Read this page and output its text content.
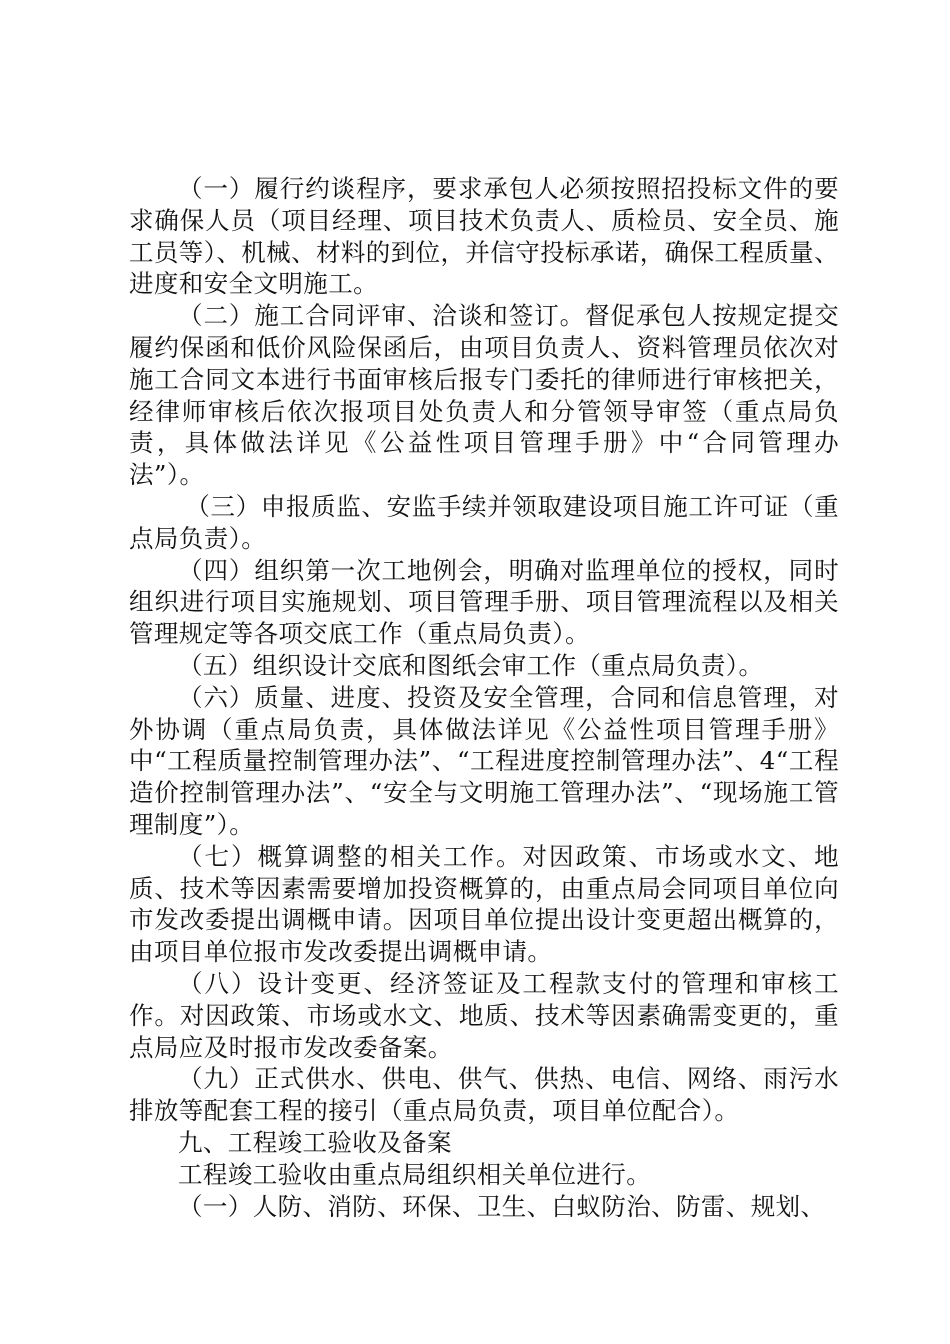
（一）履行约谈程序，要求承包人必须按照招投标文件的要求确保人员（项目经理、项目技术负责人、质检员、安全员、施工员等）、机械、材料的到位，并信守投标承诺，确保工程质量、进度和安全文明施工。

（二）施工合同评审、洽谈和签订。督促承包人按规定提交履约保函和低价风险保函后，由项目负责人、资料管理员依次对施工合同文本进行书面审核后报专门委托的律师进行审核把关，经律师审核后依次报项目处负责人和分管领导审签（重点局负责，具体做法详见《公益性项目管理手册》中“合同管理办法”）。

（三）申报质监、安监手续并领取建设项目施工许可证（重点局负责）。

（四）组织第一次工地例会，明确对监理单位的授权，同时组织进行项目实施规划、项目管理手册、项目管理流程以及相关管理规定等各项交底工作（重点局负责）。

（五）组织设计交底和图纸会审工作（重点局负责）。

（六）质量、进度、投资及安全管理，合同和信息管理，对外协调（重点局负责，具体做法详见《公益性项目管理手册》中“工程质量控制管理办法”、“工程进度控制管理办法”、4“工程造价控制管理办法”、“安全与文明施工管理办法”、“现场施工管理制度”）。

（七）概算调整的相关工作。对因政策、市场或水文、地质、技术等因素需要增加投资概算的，由重点局会同项目单位向市发改委提出调概申请。因项目单位提出设计变更超出概算的，由项目单位报市发改委提出调概申请。

（八）设计变更、经济签证及工程款支付的管理和审核工作。对因政策、市场或水文、地质、技术等因素确需变更的，重点局应及时报市发改委备案。

（九）正式供水、供电、供气、供热、电信、网络、雨污水排放等配套工程的接引（重点局负责，项目单位配合）。

九、工程竣工验收及备案

工程竣工验收由重点局组织相关单位进行。

（一）人防、消防、环保、卫生、白蚁防治、防雷、规划、
